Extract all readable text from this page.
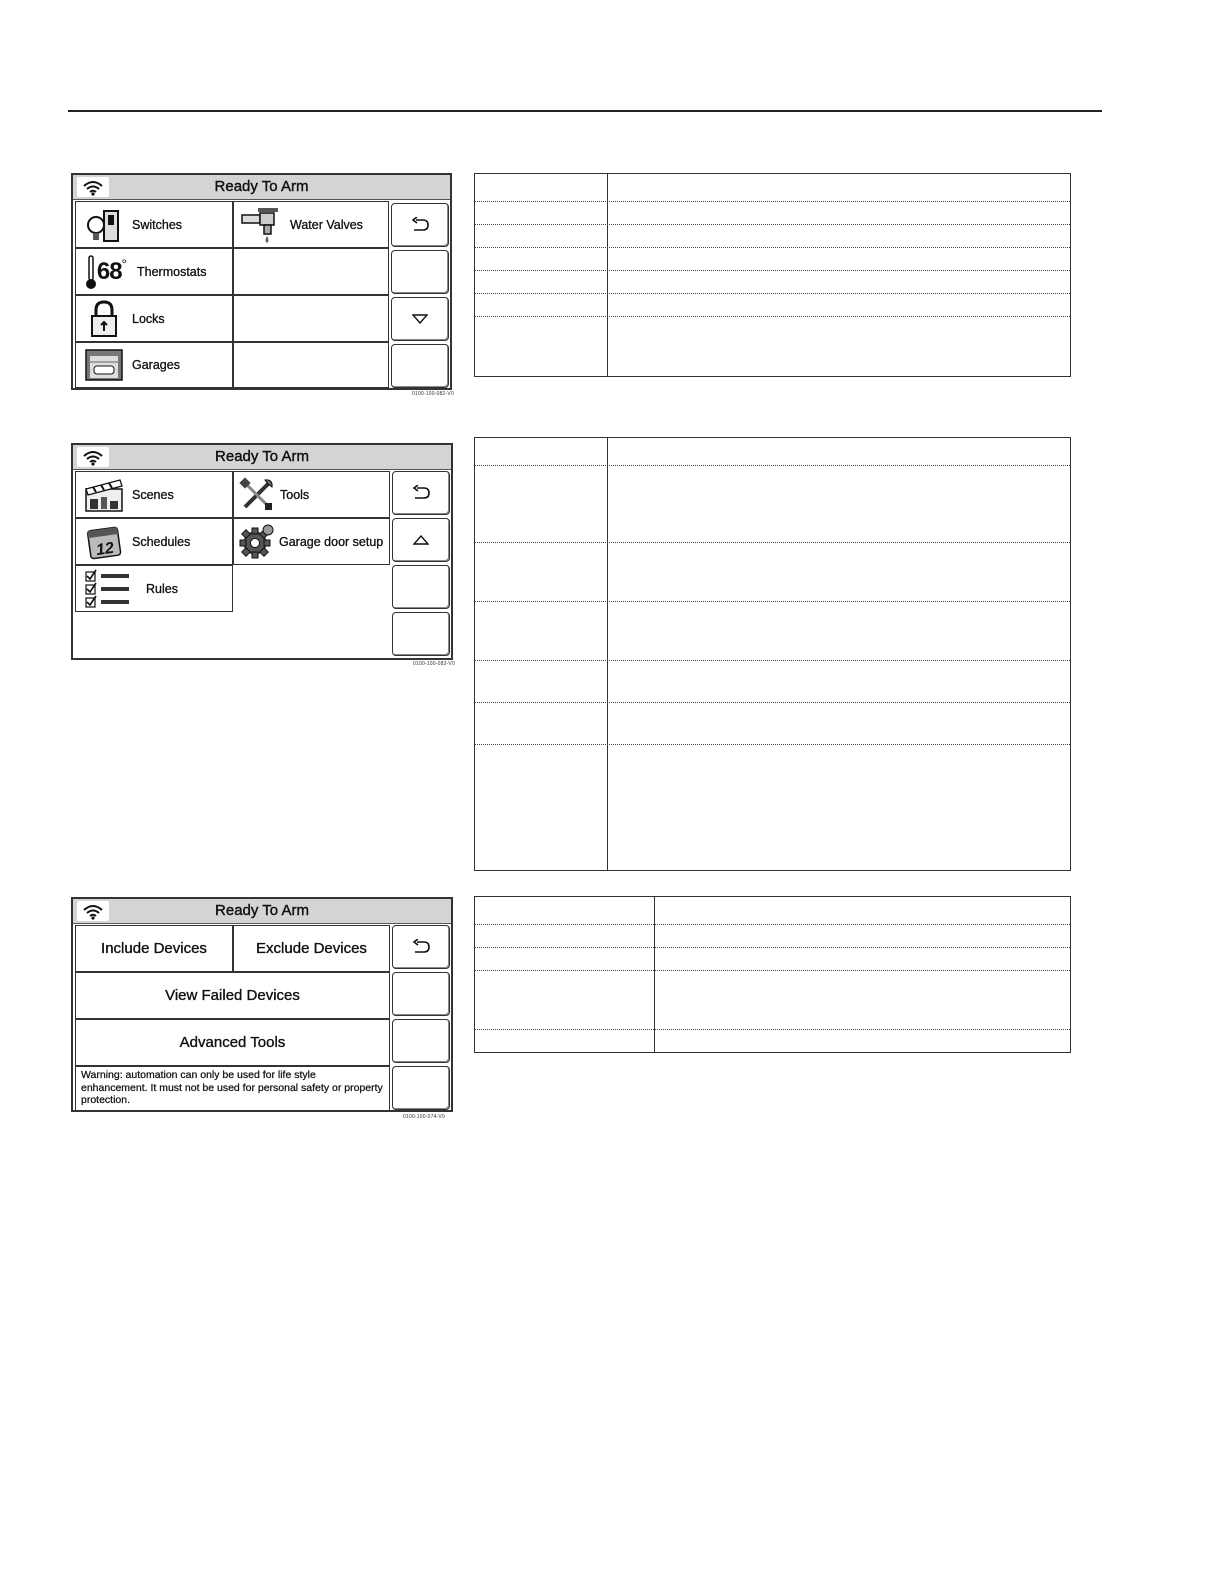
Ready To Arm
Switches	Water Valves
68 ° Thermostats
Locks
Garages
0100-100-082-V0
Ready To Arm
Scenes	Tools
12 Schedules	Garage door setup
Rules
0100-100-083-V0
Ready To Arm
Include Devices	Exclude Devices
View Failed Devices
Advanced Tools
Warning: automation can only be used for life style enhancement. It must not be used for personal safety or property protection.
0100-100-074-V0
